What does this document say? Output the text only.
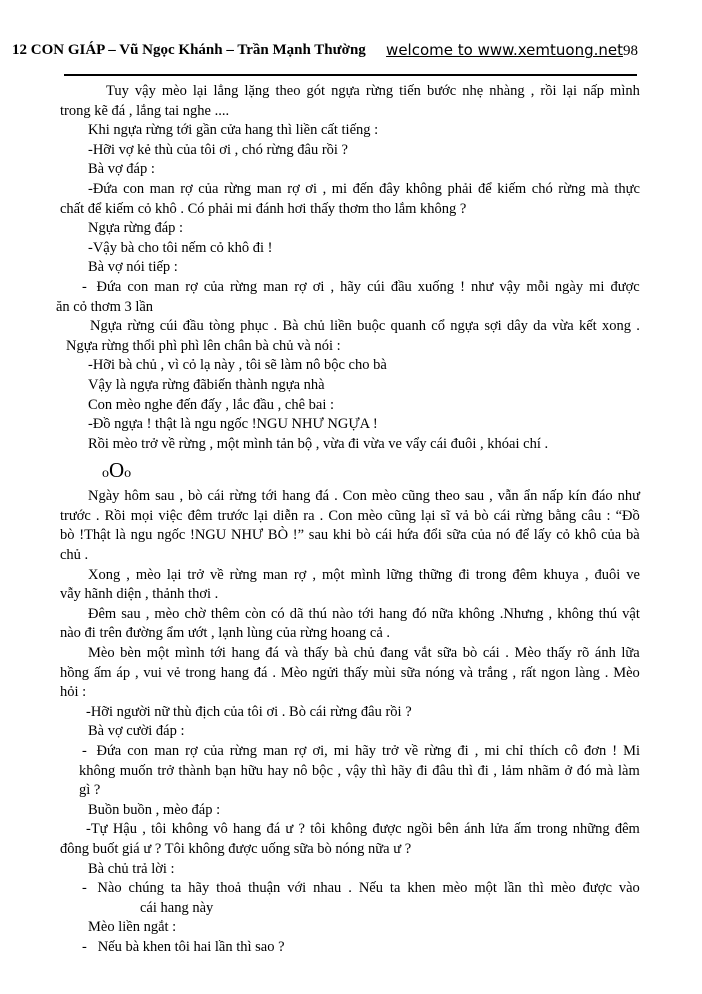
12 CON GIÁP – Vũ Ngọc Khánh – Trần Mạnh Thường welcome to www.xemtuong.net 98
Tuy vậy mèo lại lẳng lặng theo gót ngựa rừng tiến bước nhẹ nhàng , rồi lại nấp mình
trong kẽ đá , lắng tai nghe ....
Khi ngựa rừng tới gần cửa hang thì liền cất tiếng :
-Hỡi vợ kẻ thù của tôi ơi , chó rừng đâu rồi ?
Bà vợ đáp :
-Đứa con man rợ của rừng man rợ ơi , mi đến đây không phải để kiếm chó rừng mà thực
chất để kiếm cỏ khô . Có phải mi đánh hơi thấy thơm tho lắm không ?
Ngựa rừng đáp :
-Vậy bà cho tôi nếm cỏ khô đi !
Bà vợ nói tiếp :
- Đứa con man rợ của rừng man rợ ơi , hãy cúi đầu xuống ! như vậy mỗi ngày mi được
ăn cỏ thơm 3 lần
Ngựa rừng cúi đầu tòng phục . Bà chủ liền buộc quanh cổ ngựa sợi dây da vừa kết xong .
Ngựa rừng thổi phì phì lên chân bà chủ và nói :
-Hỡi bà chủ , vì cỏ lạ này , tôi sẽ làm nô bộc cho bà
Vậy là ngựa rừng đãbiến thành ngựa nhà
Con mèo nghe đến đấy , lắc đầu , chê bai :
-Đồ ngựa ! thật là ngu ngốc !NGU NHƯ NGỰA !
Rồi mèo trở về rừng , một mình tản bộ , vừa đi vừa ve vẩy cái đuôi , khóai chí .
oOo
Ngày hôm sau , bò cái rừng tới hang đá . Con mèo cũng theo sau , vẫn ẩn nấp kín đáo như
trước . Rồi mọi việc đêm trước lại diễn ra . Con mèo cũng lại sĩ vả bò cái rừng bằng câu : “Đồ
bò !Thật là ngu ngốc !NGU NHƯ BÒ !” sau khi bò cái hứa đổi sữa của nó để lấy cỏ khô của bà
chủ .
Xong , mèo lại trở về rừng man rợ , một mình lững thững đi trong đêm khuya , đuôi ve
vẫy hãnh diện , thảnh thơi .
Đêm sau , mèo chờ thêm còn có dã thú nào tới hang đó nữa không .Nhưng , không thú vật
nào đi trên đường ẩm ướt , lạnh lùng của rừng hoang cả .
Mèo bèn một mình tới hang đá và thấy bà chủ đang vắt sữa bò cái . Mèo thấy rõ ánh lữa
hồng ấm áp , vui vẻ trong hang đá . Mèo ngửi thấy mùi sữa nóng và trắng , rất ngon làng . Mèo
hỏi :
-Hỡi người nữ thù địch của tôi ơi . Bò cái rừng đâu rồi ?
Bà vợ cười đáp :
- Đứa con man rợ của rừng man rợ ơi, mi hãy trở về rừng đi , mi chỉ thích cô đơn ! Mi
không muốn trở thành bạn hữu hay nô bộc , vậy thì hãy đi đâu thì đi , lảm nhãm ở đó mà làm
gì ?
Buồn buồn , mèo đáp :
-Tự Hậu , tôi không vô hang đá ư ? tôi không được ngồi bên ánh lửa ấm trong những đêm
đông buốt giá ư ? Tôi không được uống sữa bò nóng nữa ư ?
Bà chủ trả lời :
- Nào chúng ta hãy thoả thuận với nhau . Nếu ta khen mèo một lần thì mèo được vào
cái hang này
Mèo liền ngắt :
-   Nếu bà khen tôi hai lần thì sao ?
